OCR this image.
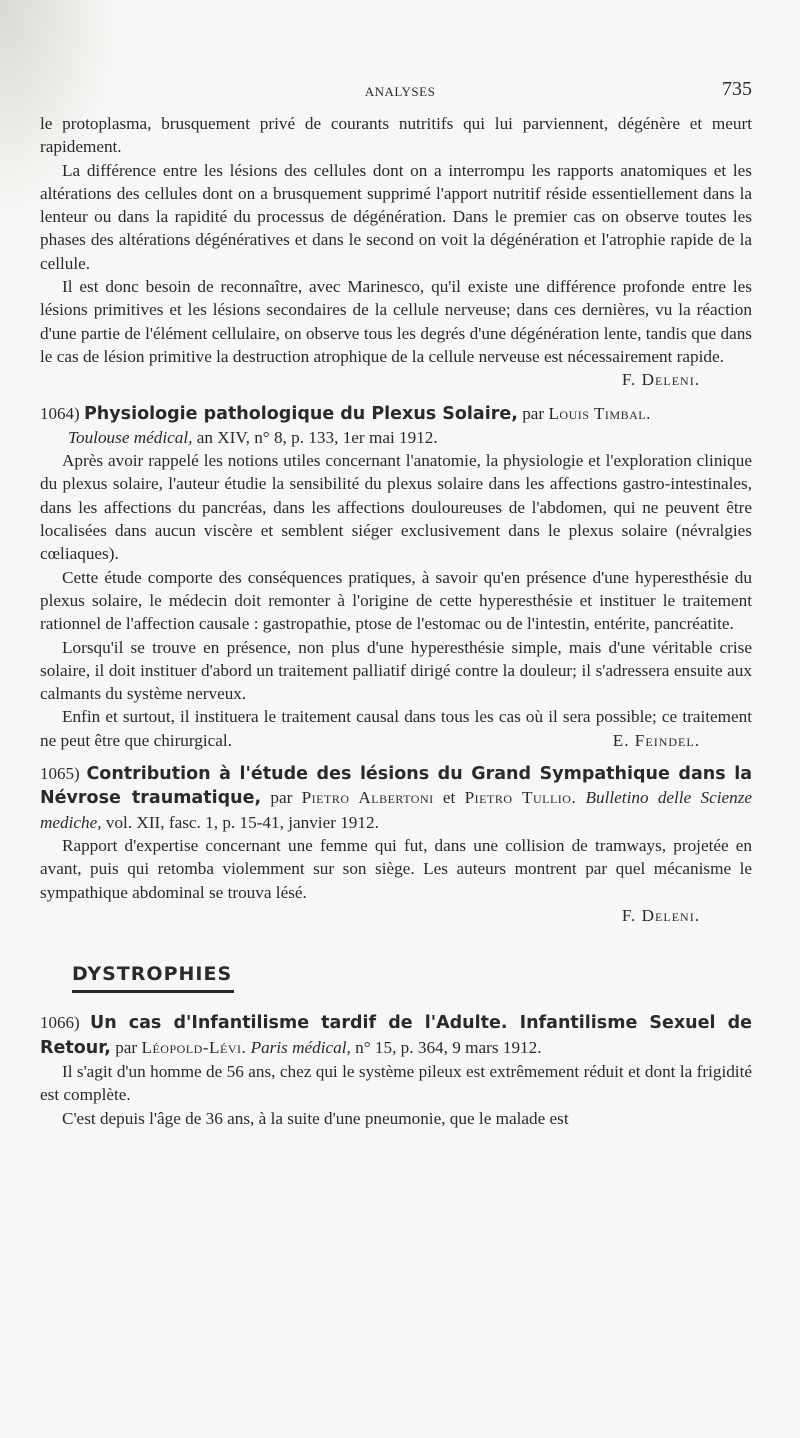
ANALYSES	735

le protoplasma, brusquement privé de courants nutritifs qui lui parviennent, dégénère et meurt rapidement.

La différence entre les lésions des cellules dont on a interrompu les rapports anatomiques et les altérations des cellules dont on a brusquement supprimé l'apport nutritif réside essentiellement dans la lenteur ou dans la rapidité du processus de dégénération. Dans le premier cas on observe toutes les phases des altérations dégénératives et dans le second on voit la dégénération et l'atrophie rapide de la cellule.

Il est donc besoin de reconnaître, avec Marinesco, qu'il existe une différence profonde entre les lésions primitives et les lésions secondaires de la cellule nerveuse; dans ces dernières, vu la réaction d'une partie de l'élément cellulaire, on observe tous les degrés d'une dégénération lente, tandis que dans le cas de lésion primitive la destruction atrophique de la cellule nerveuse est nécessairement rapide.
F. Deleni.

1064) Physiologie pathologique du Plexus Solaire, par Louis Timbal.
Toulouse médical, an XIV, n° 8, p. 133, 1er mai 1912.

Après avoir rappelé les notions utiles concernant l'anatomie, la physiologie et l'exploration clinique du plexus solaire, l'auteur étudie la sensibilité du plexus solaire dans les affections gastro-intestinales, dans les affections du pancréas, dans les affections douloureuses de l'abdomen, qui ne peuvent être localisées dans aucun viscère et semblent siéger exclusivement dans le plexus solaire (névralgies cœliaques).

Cette étude comporte des conséquences pratiques, à savoir qu'en présence d'une hyperesthésie du plexus solaire, le médecin doit remonter à l'origine de cette hyperesthésie et instituer le traitement rationnel de l'affection causale : gastropathie, ptose de l'estomac ou de l'intestin, entérite, pancréatite.

Lorsqu'il se trouve en présence, non plus d'une hyperesthésie simple, mais d'une véritable crise solaire, il doit instituer d'abord un traitement palliatif dirigé contre la douleur; il s'adressera ensuite aux calmants du système nerveux.

Enfin et surtout, il instituera le traitement causal dans tous les cas où il sera possible; ce traitement ne peut être que chirurgical.	E. Feindel.

1065) Contribution à l'étude des lésions du Grand Sympathique dans la Névrose traumatique, par Pietro Albertoni et Pietro Tullio. Bulletino delle Scienze mediche, vol. XII, fasc. 1, p. 15-41, janvier 1912.

Rapport d'expertise concernant une femme qui fut, dans une collision de tramways, projetée en avant, puis qui retomba violemment sur son siège. Les auteurs montrent par quel mécanisme le sympathique abdominal se trouva lésé.

F. Deleni.

DYSTROPHIES

1066) Un cas d'Infantilisme tardif de l'Adulte. Infantilisme Sexuel de Retour, par Léopold-Lévi. Paris médical, n° 15, p. 364, 9 mars 1912.

Il s'agit d'un homme de 56 ans, chez qui le système pileux est extrêmement réduit et dont la frigidité est complète.

C'est depuis l'âge de 36 ans, à la suite d'une pneumonie, que le malade est
